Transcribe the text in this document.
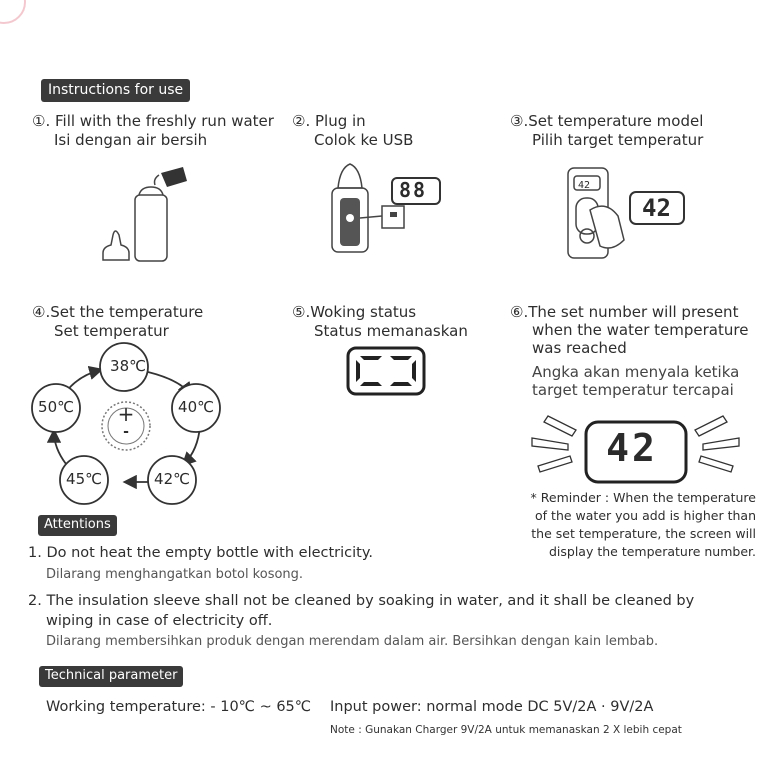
Instructions for use
①. Fill with the freshly run water
Isi dengan air bersih
②. Plug in
Colok ke USB
88
③.Set temperature model
Pilih target temperatur
42
42
④.Set the temperature
Set temperatur
38℃
40℃
42℃
45℃
50℃	+
-
⑤.Woking status
Status memanaskan
⑥.The set number will present
when the water temperature
was reached
Angka akan menyala ketika
target temperatur tercapai
42
* Reminder : When the temperature
of the water you add is higher than
the set temperature, the screen will
display the temperature number.
Attentions
1. Do not heat the empty bottle with electricity.
Dilarang menghangatkan botol kosong.
2. The insulation sleeve shall not be cleaned by soaking in water, and it shall be cleaned by
wiping in case of electricity off.
Dilarang membersihkan produk dengan merendam dalam air. Bersihkan dengan kain lembab.
Technical parameter
Working temperature: - 10℃ ~ 65℃ Input power: normal mode DC 5V/2A · 9V/2A
Note : Gunakan Charger 9V/2A untuk memanaskan 2 X lebih cepat
